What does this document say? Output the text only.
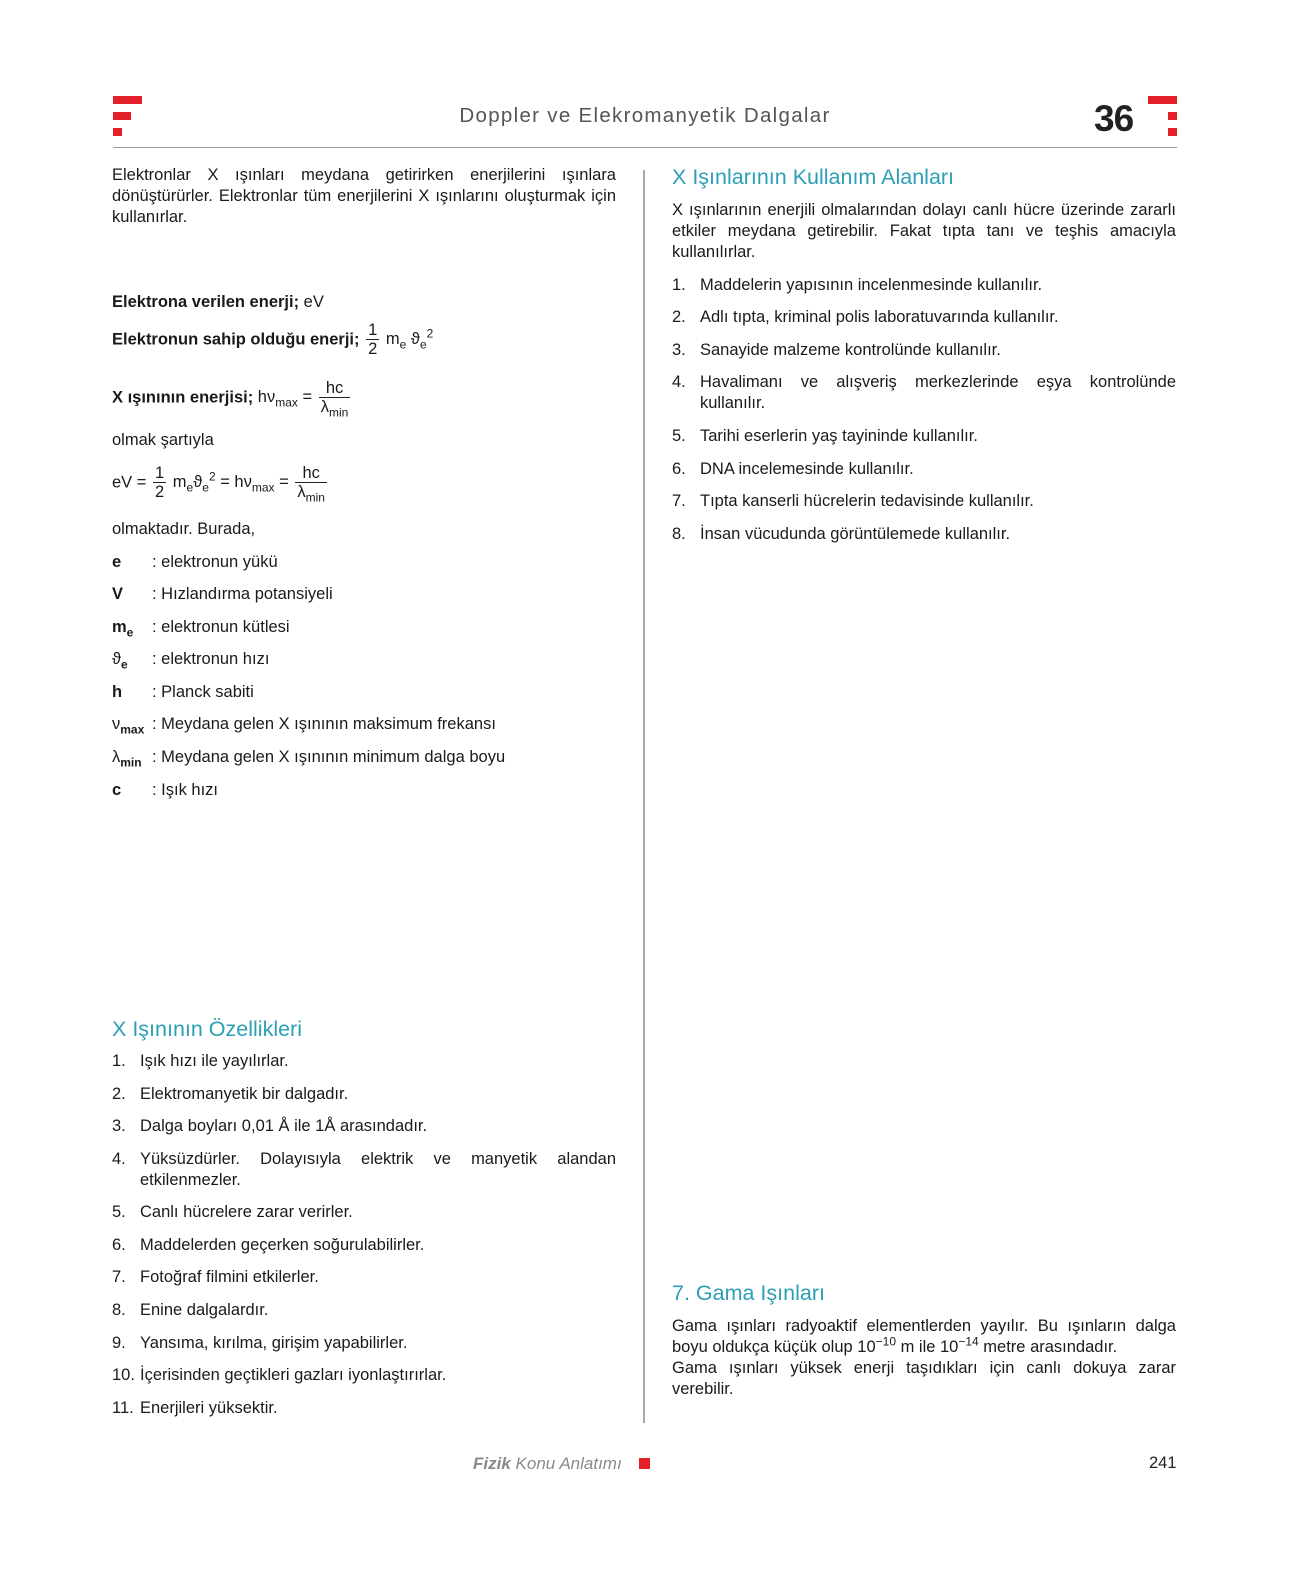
Doppler ve Elekromanyetik Dalgalar	36

Elektronlar X ışınları meydana getirirken enerjilerini ışınlara dönüştürürler. Elektronlar tüm enerjilerini X ışınlarını oluşturmak için kullanırlar.

Elektrona verilen enerji; eV
Elektronun sahip olduğu enerji; $\frac{1}{2} m_e$ $ϑ_e^2$
X ışınının enerjisi; $h\nu_{max} = \frac{hc}{\lambda_{min}}$

olmak şartıyla

eV = $\frac{1}{2} m_eϑ_e^2 = h\nu_{max} = \frac{hc}{\lambda_{min}}$

olmaktadır. Burada,

e : elektronun yükü
V : Hızlandırma potansiyeli
$m_e$ : elektronun kütlesi
$ϑ_e$ : elektronun hızı
h : Planck sabiti
$\nu_{max}$ : Meydana gelen X ışınının maksimum frekansı
$\lambda_{min}$ : Meydana gelen X ışınının minimum dalga boyu
c : Işık hızı
X Işınının Özellikleri
1. Işık hızı ile yayılırlar.
2. Elektromanyetik bir dalgadır.
3. Dalga boyları 0,01 Å ile 1Å arasındadır.
4. Yüksüzdürler. Dolayısıyla elektrik ve manyetik alandan etkilenmezler.
5. Canlı hücrelere zarar verirler.
6. Maddelerden geçerken soğurulabilirler.
7. Fotoğraf filmini etkilerler.
8. Enine dalgalardır.
9. Yansıma, kırılma, girişim yapabilirler.
10. İçerisinden geçtikleri gazları iyonlaştırırlar.
11. Enerjileri yüksektir.
X Işınlarının Kullanım Alanları

X ışınlarının enerjili olmalarından dolayı canlı hücre üzerinde zararlı etkiler meydana getirebilir. Fakat tıpta tanı ve teşhis amacıyla kullanılırlar.

1. Maddelerin yapısının incelenmesinde kullanılır.
2. Adlı tıpta, kriminal polis laboratuvarında kullanılır.
3. Sanayide malzeme kontrolünde kullanılır.
4. Havalimanı ve alışveriş merkezlerinde eşya kontrolünde kullanılır.
5. Tarihi eserlerin yaş tayininde kullanılır.
6. DNA incelemesinde kullanılır.
7. Tıpta kanserli hücrelerin tedavisinde kullanılır.
8. İnsan vücudunda görüntülemede kullanılır.
7. Gama Işınları

Gama ışınları radyoaktif elementlerden yayılır. Bu ışınların dalga boyu oldukça küçük olup $10^{-10}$ m ile $10^{-14}$ metre arasındadır.
Gama ışınları yüksek enerji taşıdıkları için canlı dokuya zarar verebilir.

Fizik Konu Anlatımı	241
